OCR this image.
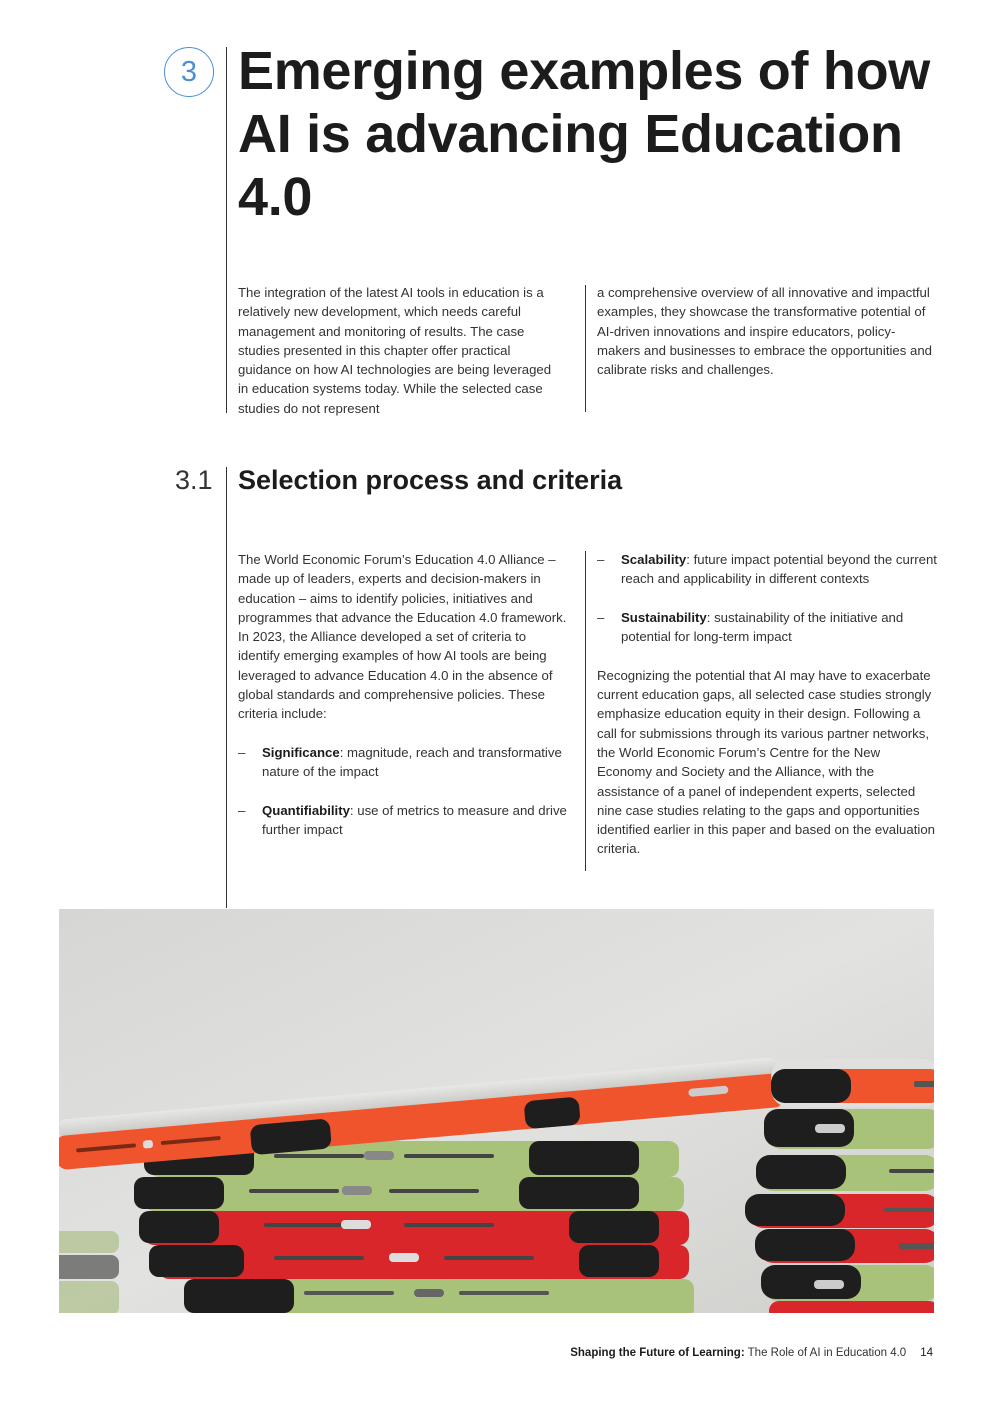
3 Emerging examples of how AI is advancing Education 4.0

The integration of the latest AI tools in education is a relatively new development, which needs careful management and monitoring of results. The case studies presented in this chapter offer practical guidance on how AI technologies are being leveraged in education systems today. While the selected case studies do not represent

a comprehensive overview of all innovative and impactful examples, they showcase the transformative potential of AI-driven innovations and inspire educators, policy-makers and businesses to embrace the opportunities and calibrate risks and challenges.

3.1 Selection process and criteria

The World Economic Forum’s Education 4.0 Alliance – made up of leaders, experts and decision-makers in education – aims to identify policies, initiatives and programmes that advance the Education 4.0 framework. In 2023, the Alliance developed a set of criteria to identify emerging examples of how AI tools are being leveraged to advance Education 4.0 in the absence of global standards and comprehensive policies. These criteria include:

– Significance: magnitude, reach and transformative nature of the impact
– Quantifiability: use of metrics to measure and drive further impact
– Scalability: future impact potential beyond the current reach and applicability in different contexts
– Sustainability: sustainability of the initiative and potential for long-term impact

Recognizing the potential that AI may have to exacerbate current education gaps, all selected case studies strongly emphasize education equity in their design. Following a call for submissions through its various partner networks, the World Economic Forum’s Centre for the New Economy and Society and the Alliance, with the assistance of a panel of independent experts, selected nine case studies relating to the gaps and opportunities identified earlier in this paper and based on the evaluation criteria.

Shaping the Future of Learning: The Role of AI in Education 4.0 14
